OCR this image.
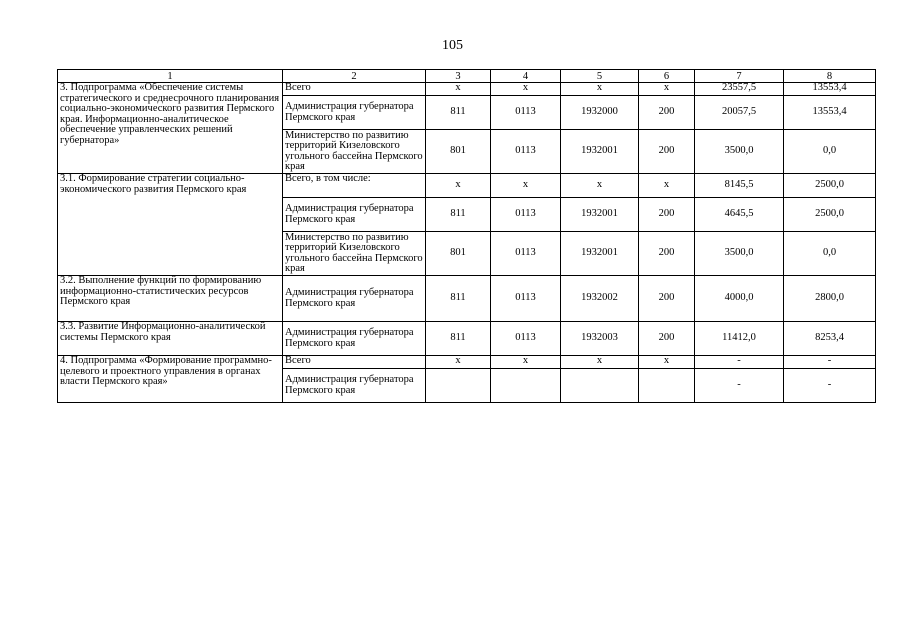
105
1	2	3	4	5	6	7	8
3. Подпрограмма «Обеспечение системы стратегического и среднесрочного планирования социально-экономического развития Пермского края. Информационно-аналитическое обеспечение управленческих решений губернатора»	Всего	x	x	x	x	23557,5	13553,4
	Администрация губернатора Пермского края	811	0113	1932000	200	20057,5	13553,4
	Министерство по развитию территорий Кизеловского угольного бассейна Пермского края	801	0113	1932001	200	3500,0	0,0
3.1. Формирование стратегии социально-экономического развития Пермского края	Всего, в том числе:	x	x	x	x	8145,5	2500,0
	Администрация губернатора Пермского края	811	0113	1932001	200	4645,5	2500,0
	Министерство по развитию территорий Кизеловского угольного бассейна Пермского края	801	0113	1932001	200	3500,0	0,0
3.2. Выполнение функций по формированию информационно-статистических ресурсов Пермского края	Администрация губернатора Пермского края	811	0113	1932002	200	4000,0	2800,0
3.3. Развитие Информационно-аналитической системы Пермского края	Администрация губернатора Пермского края	811	0113	1932003	200	11412,0	8253,4
4. Подпрограмма «Формирование программно-целевого и проектного управления в органах власти Пермского края»	Всего	x	x	x	x	-	-
	Администрация губернатора Пермского края					-	-
